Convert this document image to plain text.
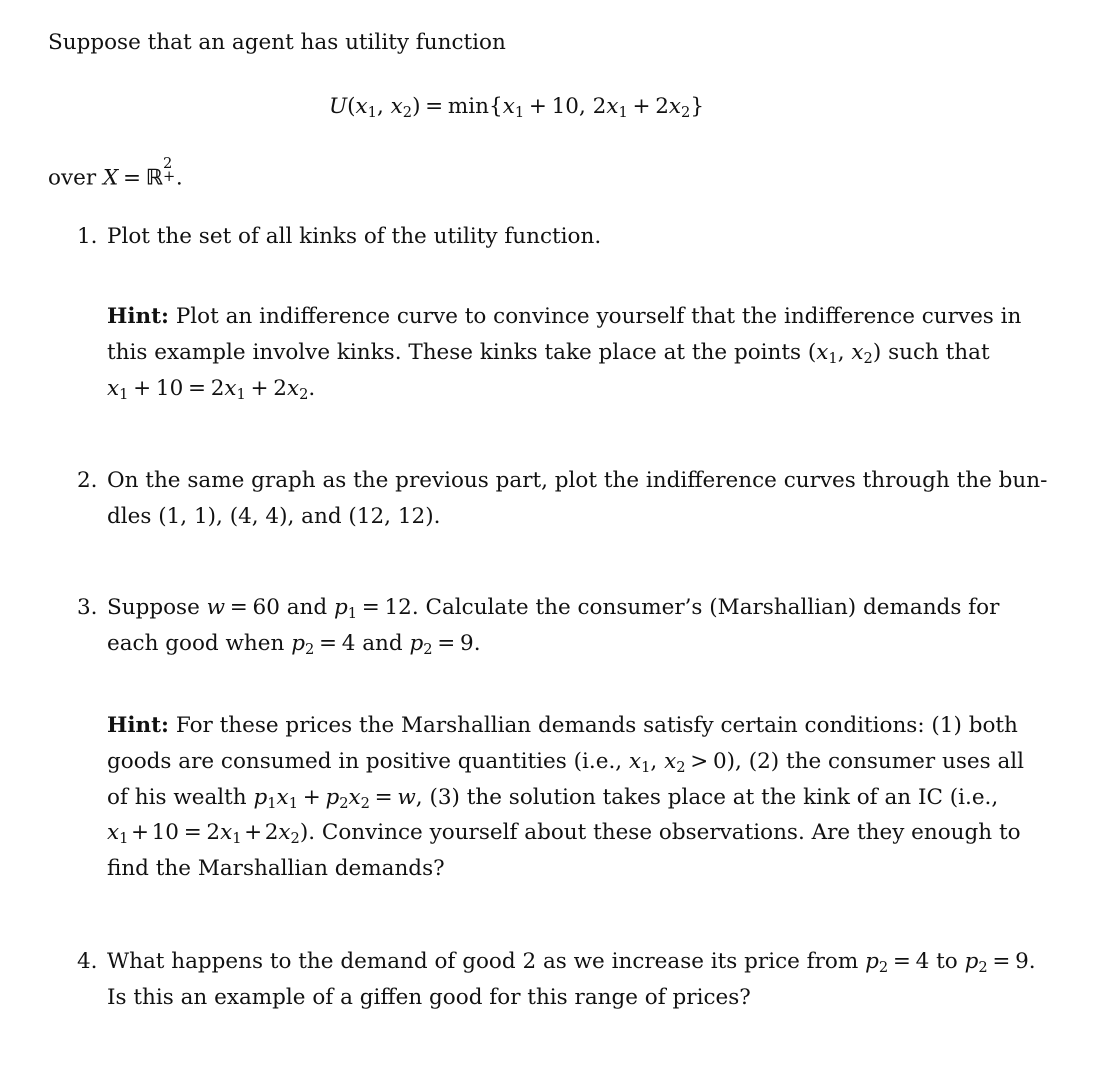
Suppose that an agent has utility function
$U(x_1$, $x_2) = \min\{x_1 + 10$, $2x_1 + 2x_2$}
over X = ℝ
2
+ .
1. Plot the set of all kinks of the utility function.
Hint: Plot an indifference curve to convince yourself that the indifference curves in
this example involve kinks. These kinks take place at the points ($x_1$, $x_2$) such that
$x_1 + 10 = 2x_1 + 2x_2$.
2. On the same graph as the previous part, plot the indifference curves through the bun-
dles (1, 1), (4, 4), and (12, 12).
3. Suppose w = 60 and $p_1 = 12$. Calculate the consumer’s (Marshallian) demands for
each good when $p_2 = 4$ and $p_2 = 9$.
Hint: For these prices the Marshallian demands satisfy certain conditions: (1) both
goods are consumed in positive quantities (i.e., $x_1$, $x_2 > 0$), (2) the consumer uses all
of his wealth $p_1x_1 + p_2x_2 = w$, (3) the solution takes place at the kink of an IC (i.e.,
$x_1 + 10 = 2x_1 + 2x_2$). Convince yourself about these observations. Are they enough to
find the Marshallian demands?
4. What happens to the demand of good 2 as we increase its price from $p_2 = 4$ to $p_2 = 9$.
Is this an example of a giffen good for this range of prices?
